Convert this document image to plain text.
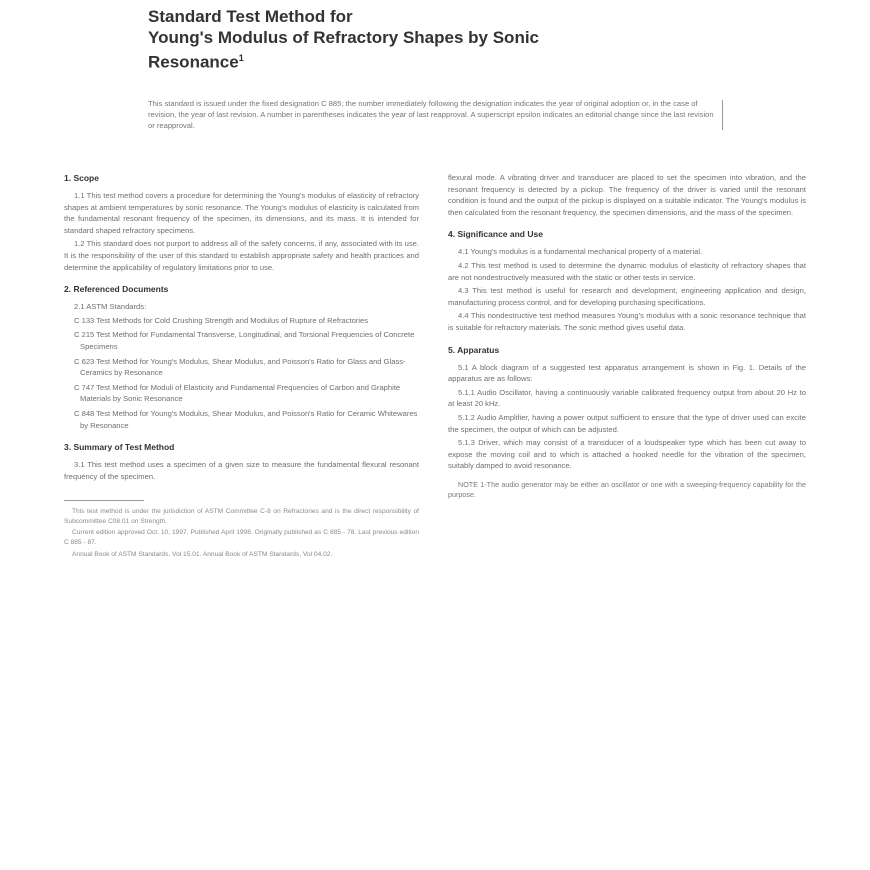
Standard Test Method for
Young's Modulus of Refractory Shapes by Sonic
Resonance$^1$
This standard is issued under the fixed designation C 885; the number immediately following the designation indicates the year of original adoption or, in the case of revision, the year of last revision. A number in parentheses indicates the year of last reapproval. A superscript epsilon indicates an editorial change since the last revision or reapproval.
1. Scope

1.1 This test method covers a procedure for determining the Young's modulus of elasticity of refractory shapes at ambient temperatures by sonic resonance. The Young's modulus of elasticity is calculated from the fundamental resonant frequency of the specimen, its dimensions, and its mass. It is intended for standard shaped refractory specimens.

1.2 This standard does not purport to address all of the safety concerns, if any, associated with its use. It is the responsibility of the user of this standard to establish appropriate safety and health practices and determine the applicability of regulatory limitations prior to use.

2. Referenced Documents

2.1 ASTM Standards:

C 133 Test Methods for Cold Crushing Strength and Modulus of Rupture of Refractories
C 215 Test Method for Fundamental Transverse, Longitudinal, and Torsional Frequencies of Concrete Specimens
C 623 Test Method for Young's Modulus, Shear Modulus, and Poisson's Ratio for Glass and Glass-Ceramics by Resonance
C 747 Test Method for Moduli of Elasticity and Fundamental Frequencies of Carbon and Graphite Materials by Sonic Resonance
C 848 Test Method for Young's Modulus, Shear Modulus, and Poisson's Ratio for Ceramic Whitewares by Resonance
3. Summary of Test Method

3.1 This test method uses a specimen of a given size to measure the fundamental flexural resonant frequency of the specimen.

This test method is under the jurisdiction of ASTM Committee C-8 on Refractories and is the direct responsibility of Subcommittee C08.01 on Strength.

Current edition approved Oct. 10, 1997. Published April 1998. Originally published as C 885 - 78. Last previous edition C 885 - 87.

Annual Book of ASTM Standards, Vol 15.01. Annual Book of ASTM Standards, Vol 04.02.

flexural mode. A vibrating driver and transducer are placed to set the specimen into vibration, and the resonant frequency is detected by a pickup. The frequency of the driver is varied until the resonant condition is found and the output of the pickup is displayed on a suitable indicator. The Young's modulus is then calculated from the resonant frequency, the specimen dimensions, and the mass of the specimen.

4. Significance and Use

4.1 Young's modulus is a fundamental mechanical property of a material.

4.2 This test method is used to determine the dynamic modulus of elasticity of refractory shapes that are not nondestructively measured with the static or other tests in service.

4.3 This test method is useful for research and development, engineering application and design, manufacturing process control, and for developing purchasing specifications.

4.4 This nondestructive test method measures Young's modulus with a sonic resonance technique that is suitable for refractory materials. The sonic method gives useful data.

5. Apparatus

5.1 A block diagram of a suggested test apparatus arrangement is shown in Fig. 1. Details of the apparatus are as follows:

5.1.1 Audio Oscillator, having a continuously variable calibrated frequency output from about 20 Hz to at least 20 kHz.

5.1.2 Audio Amplifier, having a power output sufficient to ensure that the type of driver used can excite the specimen, the output of which can be adjusted.

5.1.3 Driver, which may consist of a transducer of a loudspeaker type which has been cut away to expose the moving coil and to which is attached a hooked needle for the vibration of the specimen, suitably damped to avoid resonance.

NOTE 1-The audio generator may be either an oscillator or one with a sweeping-frequency capability for the purpose.
